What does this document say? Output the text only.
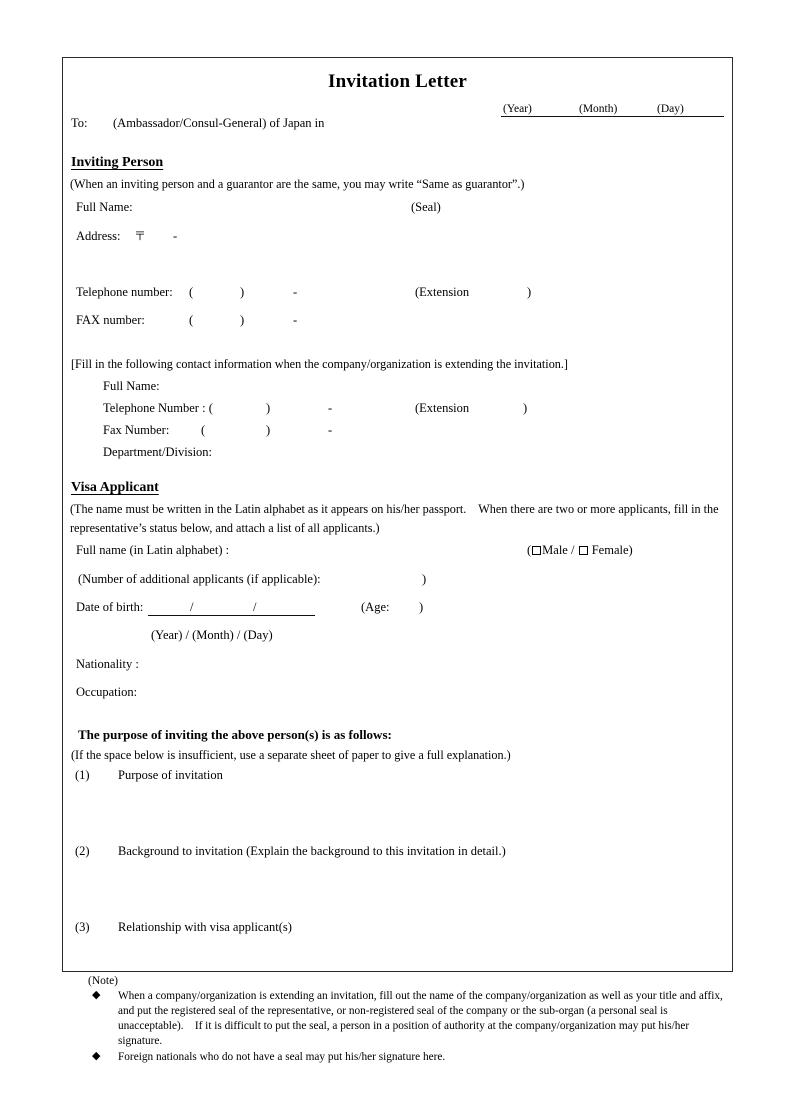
Invitation Letter
(Year)	(Month)	(Day)
To: (Ambassador/Consul-General) of Japan in
Inviting Person
(When an inviting person and a guarantor are the same, you may write “Same as guarantor”.)
Full Name:	(Seal)
Address: 〒 -
Telephone number: (	)	-	(Extension	)
FAX number:	(	)	-
[Fill in the following contact information when the company/organization is extending the invitation.]
Full Name:
Telephone Number : (	)	-	(Extension	)
Fax Number:	(	)	-
Department/Division:
Visa Applicant
(The name must be written in the Latin alphabet as it appears on his/her passport.    When there are two or more applicants, fill in the
representative’s status below, and attach a list of all applicants.)
Full name (in Latin alphabet) :	( Male / Female)
(Number of additional applicants (if applicable):	)
Date of birth:	/	/	(Age: )
(Year) / (Month) / (Day)
Nationality :
Occupation:
The purpose of inviting the above person(s) is as follows:
(If the space below is insufficient, use a separate sheet of paper to give a full explanation.)
(1) Purpose of invitation
(2) Background to invitation (Explain the background to this invitation in detail.)
(3) Relationship with visa applicant(s)
(Note)
◆ When a company/organization is extending an invitation, fill out the name of the company/organization as well as your title and affix, and put the registered seal of the representative, or non-registered seal of the company or the sub-organ (a personal seal is unacceptable).    If it is difficult to put the seal, a person in a position of authority at the company/organization may put his/her signature.
◆ Foreign nationals who do not have a seal may put his/her signature here.
